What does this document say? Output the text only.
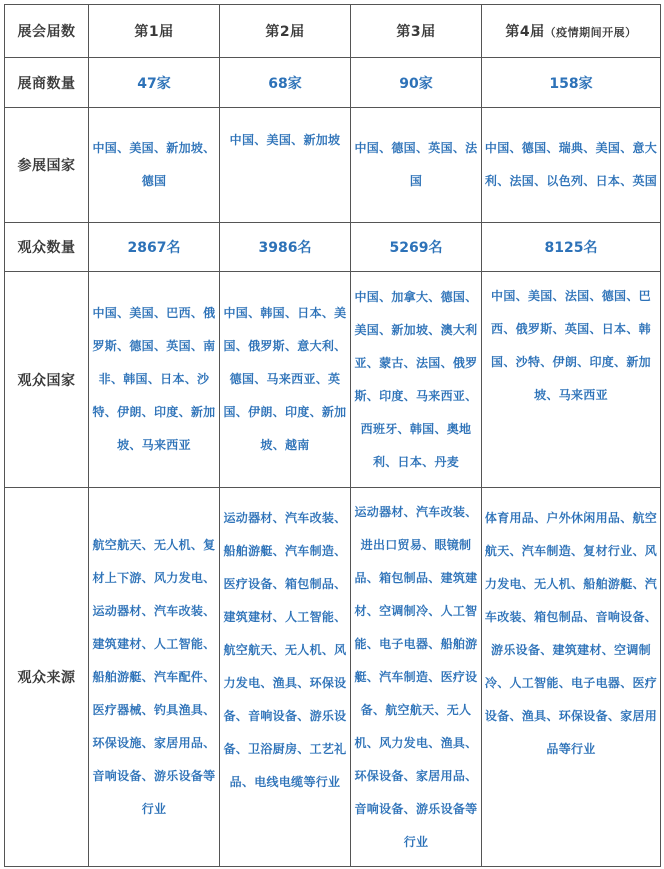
展会届数	第1届	第2届	第3届	第4届（疫情期间开展）
展商数量	47家	68家	90家	158家
参展国家	中国、美国、新加坡、德国	中国、美国、新加坡	中国、德国、英国、法国	中国、德国、瑞典、美国、意大利、法国、以色列、日本、英国
观众数量	2867名	3986名	5269名	8125名
观众国家	中国、美国、巴西、俄罗斯、德国、英国、南非、韩国、日本、沙特、伊朗、印度、新加坡、马来西亚	中国、韩国、日本、美国、俄罗斯、意大利、德国、马来西亚、英国、伊朗、印度、新加坡、越南	中国、加拿大、德国、美国、新加坡、澳大利亚、蒙古、法国、俄罗斯、印度、马来西亚、西班牙、韩国、奥地利、日本、丹麦	中国、美国、法国、德国、巴西、俄罗斯、英国、日本、韩国、沙特、伊朗、印度、新加坡、马来西亚
观众来源	航空航天、无人机、复材上下游、风力发电、运动器材、汽车改装、建筑建材、人工智能、船舶游艇、汽车配件、医疗器械、钓具渔具、环保设施、家居用品、音响设备、游乐设备等行业	运动器材、汽车改装、船舶游艇、汽车制造、医疗设备、箱包制品、建筑建材、人工智能、航空航天、无人机、风力发电、渔具、环保设备、音响设备、游乐设备、卫浴厨房、工艺礼品、电线电缆等行业	运动器材、汽车改装、进出口贸易、眼镜制品、箱包制品、建筑建材、空调制冷、人工智能、电子电器、船舶游艇、汽车制造、医疗设备、航空航天、无人机、风力发电、渔具、环保设备、家居用品、音响设备、游乐设备等行业	体育用品、户外休闲用品、航空航天、汽车制造、复材行业、风力发电、无人机、船舶游艇、汽车改装、箱包制品、音响设备、游乐设备、建筑建材、空调制冷、人工智能、电子电器、医疗设备、渔具、环保设备、家居用品等行业
